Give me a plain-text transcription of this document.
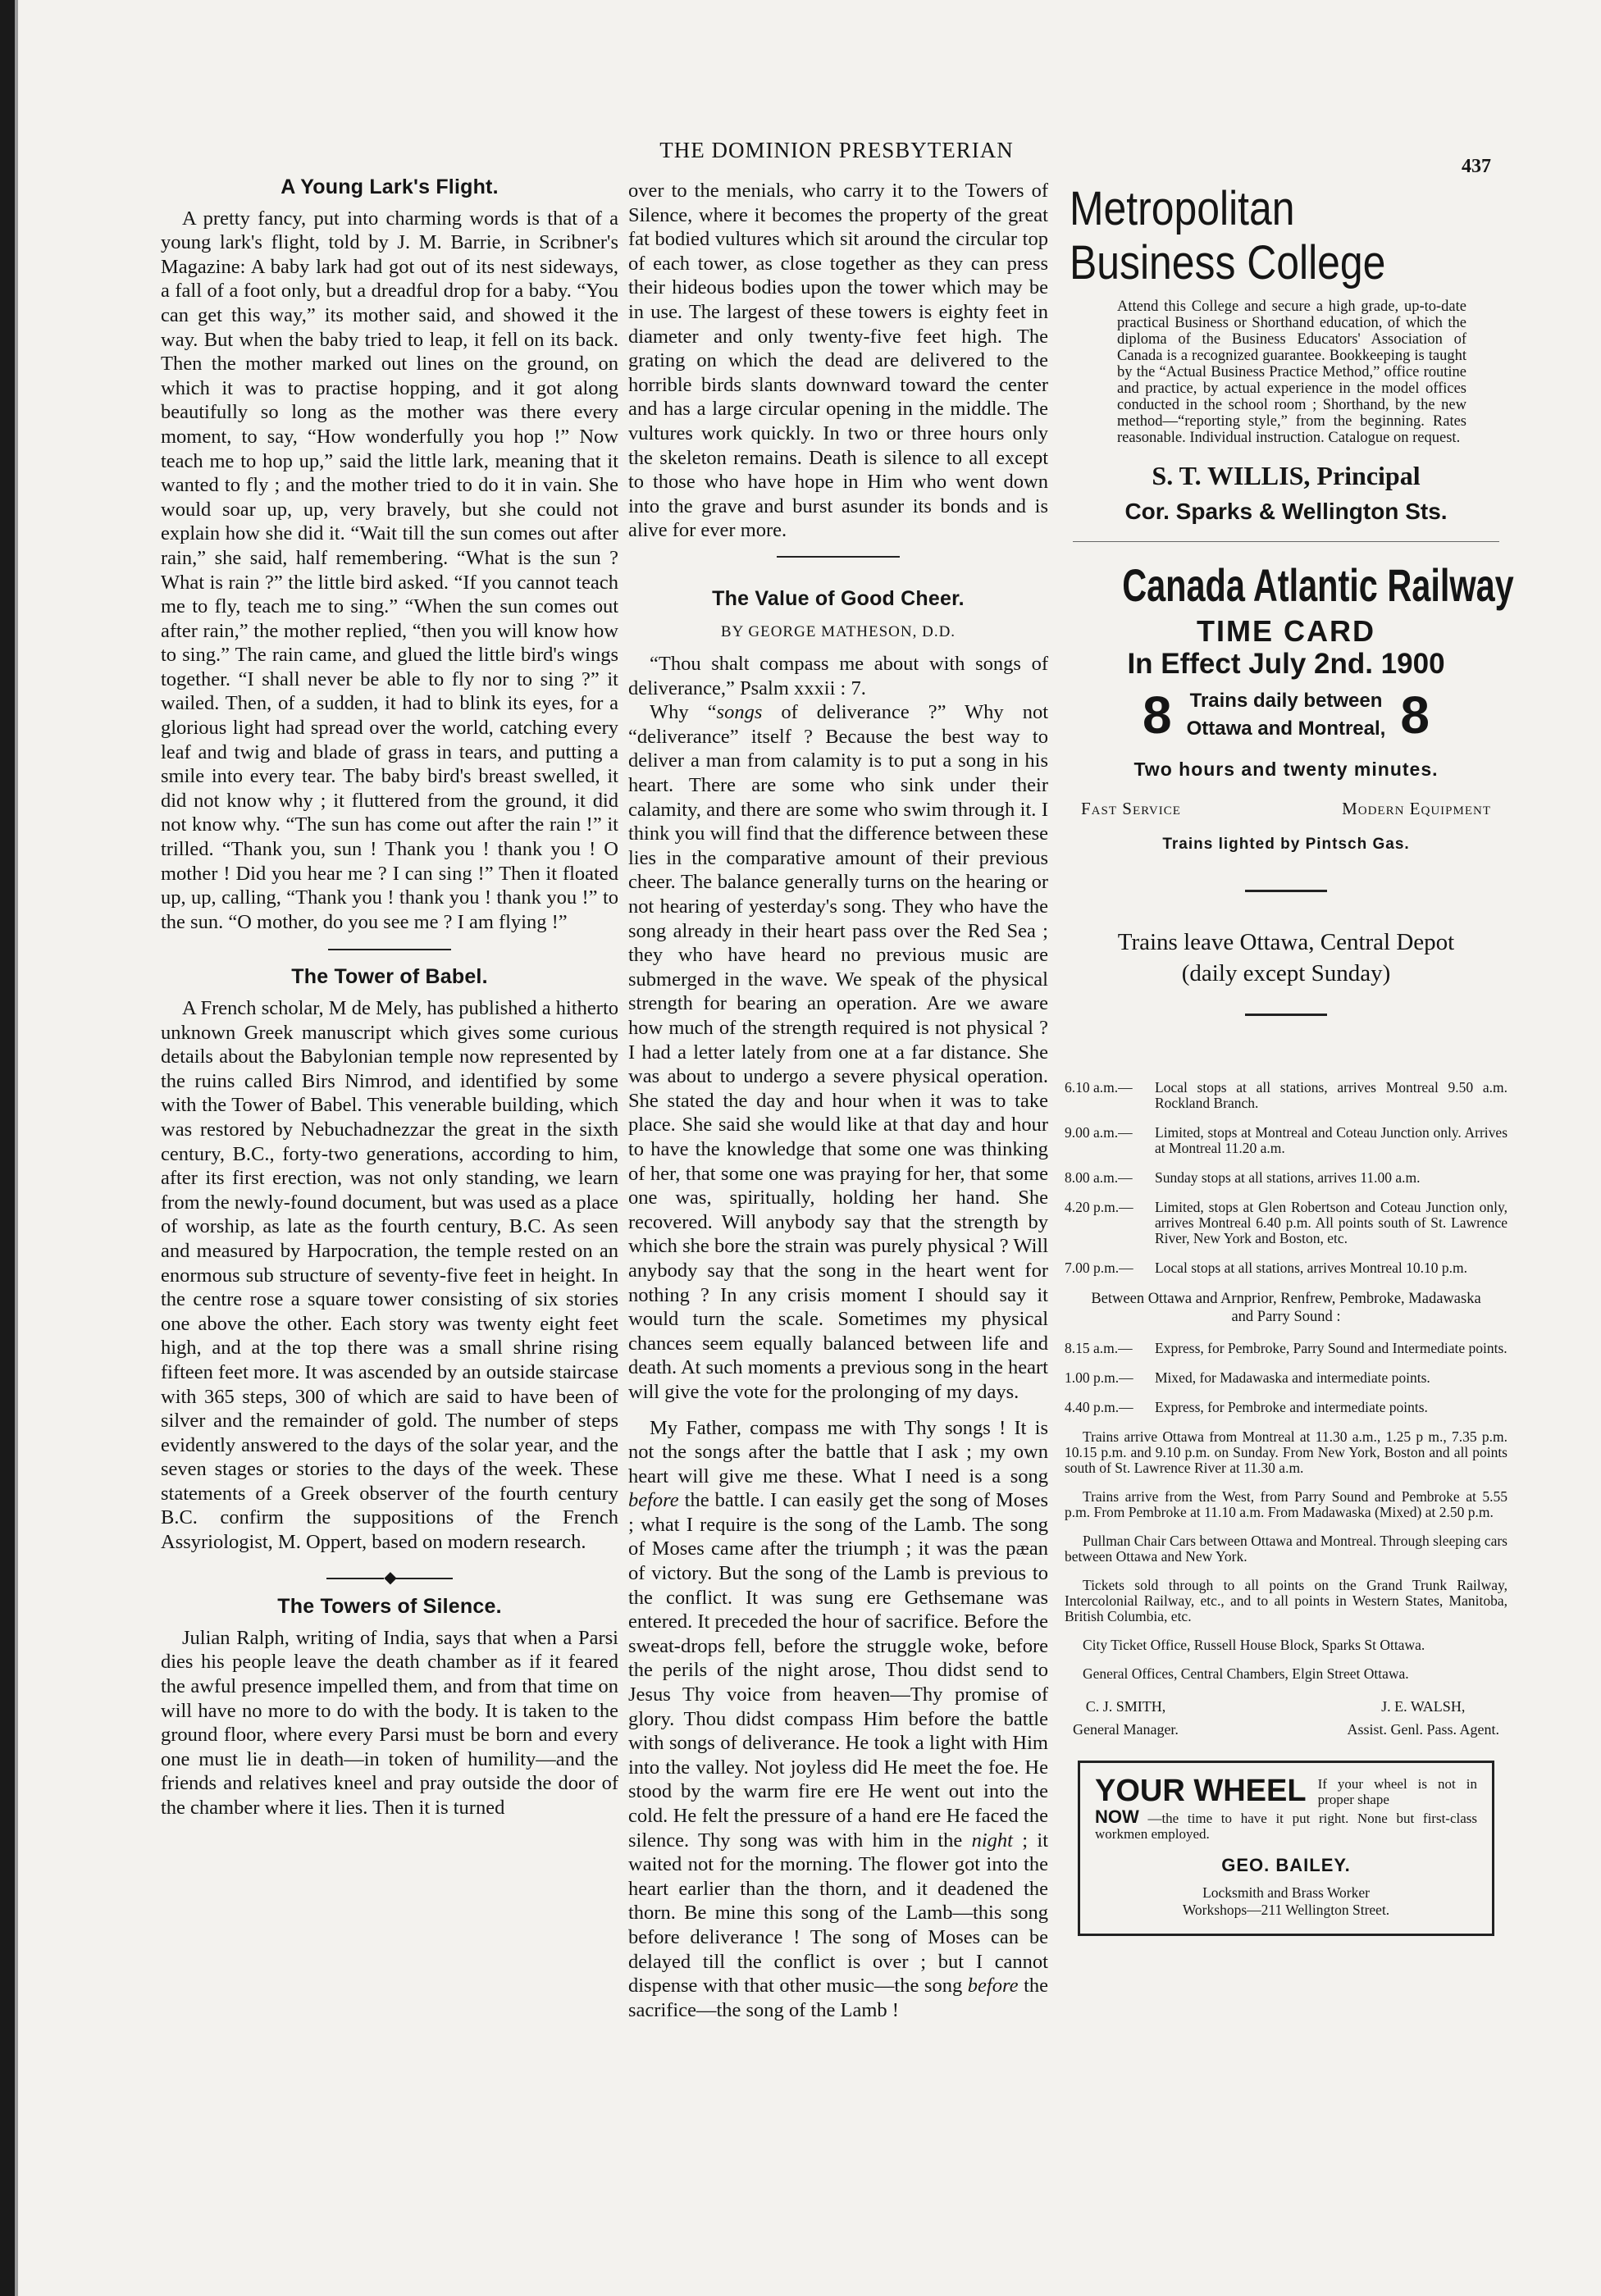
THE DOMINION PRESBYTERIAN
437
A Young Lark's Flight.

A pretty fancy, put into charming words is that of a young lark's flight, told by J. M. Barrie, in Scribner's Magazine: A baby lark had got out of its nest sideways, a fall of a foot only, but a dreadful drop for a baby. “You can get this way,” its mother said, and showed it the way. But when the baby tried to leap, it fell on its back. Then the mother marked out lines on the ground, on which it was to practise hopping, and it got along beautifully so long as the mother was there every moment, to say, “How wonderfully you hop !” Now teach me to hop up,” said the little lark, meaning that it wanted to fly ; and the mother tried to do it in vain. She would soar up, up, very bravely, but she could not explain how she did it. “Wait till the sun comes out after rain,” she said, half remembering. “What is the sun ? What is rain ?” the little bird asked. “If you cannot teach me to fly, teach me to sing.” “When the sun comes out after rain,” the mother replied, “then you will know how to sing.” The rain came, and glued the little bird's wings together. “I shall never be able to fly nor to sing ?” it wailed. Then, of a sudden, it had to blink its eyes, for a glorious light had spread over the world, catching every leaf and twig and blade of grass in tears, and putting a smile into every tear. The baby bird's breast swelled, it did not know why ; it fluttered from the ground, it did not know why. “The sun has come out after the rain !” it trilled. “Thank you, sun ! Thank you ! thank you ! O mother ! Did you hear me ? I can sing !” Then it floated up, up, calling, “Thank you ! thank you ! thank you !” to the sun. “O mother, do you see me ? I am flying !”

The Tower of Babel.

A French scholar, M de Mely, has published a hitherto unknown Greek manuscript which gives some curious details about the Babylonian temple now represented by the ruins called Birs Nimrod, and identified by some with the Tower of Babel. This venerable building, which was restored by Nebuchadnezzar the great in the sixth century, B.C., forty-two generations, according to him, after its first erection, was not only standing, we learn from the newly-found document, but was used as a place of worship, as late as the fourth century, B.C. As seen and measured by Harpocration, the temple rested on an enormous sub structure of seventy-five feet in height. In the centre rose a square tower consisting of six stories one above the other. Each story was twenty eight feet high, and at the top there was a small shrine rising fifteen feet more. It was ascended by an outside staircase with 365 steps, 300 of which are said to have been of silver and the remainder of gold. The number of steps evidently answered to the days of the solar year, and the seven stages or stories to the days of the week. These statements of a Greek observer of the fourth century B.C. confirm the suppositions of the French Assyriologist, M. Oppert, based on modern research.

◆
The Towers of Silence.

Julian Ralph, writing of India, says that when a Parsi dies his people leave the death chamber as if it feared the awful presence impelled them, and from that time on will have no more to do with the body. It is taken to the ground floor, where every Parsi must be born and every one must lie in death—in token of humility—and the friends and relatives kneel and pray outside the door of the chamber where it lies. Then it is turned

over to the menials, who carry it to the Towers of Silence, where it becomes the property of the great fat bodied vultures which sit around the circular top of each tower, as close together as they can press their hideous bodies upon the tower which may be in use. The largest of these towers is eighty feet in diameter and only twenty-five feet high. The grating on which the dead are delivered to the horrible birds slants downward toward the center and has a large circular opening in the middle. The vultures work quickly. In two or three hours only the skeleton remains. Death is silence to all except to those who have hope in Him who went down into the grave and burst asunder its bonds and is alive for ever more.

The Value of Good Cheer.
BY GEORGE MATHESON, D.D.

“Thou shalt compass me about with songs of deliverance,” Psalm xxxii : 7.

Why “songs of deliverance ?” Why not “deliverance” itself ? Because the best way to deliver a man from calamity is to put a song in his heart. There are some who sink under their calamity, and there are some who swim through it. I think you will find that the difference between these lies in the comparative amount of their previous cheer. The balance generally turns on the hearing or not hearing of yesterday's song. They who have the song already in their heart pass over the Red Sea ; they who have heard no previous music are submerged in the wave. We speak of the physical strength for bearing an operation. Are we aware how much of the strength required is not physical ? I had a letter lately from one at a far distance. She was about to undergo a severe physical operation. She stated the day and hour when it was to take place. She said she would like at that day and hour to have the knowledge that some one was thinking of her, that some one was praying for her, that some one was, spiritually, holding her hand. She recovered. Will anybody say that the strength by which she bore the strain was purely physical ? Will anybody say that the song in the heart went for nothing ? In any crisis moment I should say it would turn the scale. Sometimes my physical chances seem equally balanced between life and death. At such moments a previous song in the heart will give the vote for the prolonging of my days.

My Father, compass me with Thy songs ! It is not the songs after the battle that I ask ; my own heart will give me these. What I need is a song before the battle. I can easily get the song of Moses ; what I require is the song of the Lamb. The song of Moses came after the triumph ; it was the pæan of victory. But the song of the Lamb is previous to the conflict. It was sung ere Gethsemane was entered. It preceded the hour of sacrifice. Before the sweat-drops fell, before the struggle woke, before the perils of the night arose, Thou didst send to Jesus Thy voice from heaven—Thy promise of glory. Thou didst compass Him before the battle with songs of deliverance. He took a light with Him into the valley. Not joyless did He meet the foe. He stood by the warm fire ere He went out into the cold. He felt the pressure of a hand ere He faced the silence. Thy song was with him in the night ; it waited not for the morning. The flower got into the heart earlier than the thorn, and it deadened the thorn. Be mine this song of the Lamb—this song before deliverance ! The song of Moses can be delayed till the conflict is over ; but I cannot dispense with that other music—the song before the sacrifice—the song of the Lamb !

Metropolitan
Business College
Attend this College and secure a high grade, up-to-date practical Business or Shorthand education, of which the diploma of the Business Educators' Association of Canada is a recognized guarantee. Bookkeeping is taught by the “Actual Business Practice Method,” office routine and practice, by actual experience in the model offices conducted in the school room ; Shorthand, by the new method—“reporting style,” from the beginning. Rates reasonable. Individual instruction. Catalogue on request.
S. T. WILLIS, Principal
Cor. Sparks & Wellington Sts.
Canada Atlantic Railway
TIME CARD
In Effect July 2nd. 1900
8 Trains daily between
Ottawa and Montreal, 8
Two hours and twenty minutes.
Fast Service	Modern Equipment
Trains lighted by Pintsch Gas.
Trains leave Ottawa, Central Depot
(daily except Sunday)
6.10 a.m.—	Local stops at all stations, arrives Montreal 9.50 a.m. Rockland Branch.
9.00 a.m.—	Limited, stops at Montreal and Coteau Junction only. Arrives at Montreal 11.20 a.m.
8.00 a.m.—	Sunday stops at all stations, arrives 11.00 a.m.
4.20 p.m.—	Limited, stops at Glen Robertson and Coteau Junction only, arrives Montreal 6.40 p.m. All points south of St. Lawrence River, New York and Boston, etc.
7.00 p.m.—	Local stops at all stations, arrives Montreal 10.10 p.m.
Between Ottawa and Arnprior, Renfrew, Pembroke, Madawaska and Parry Sound :
8.15 a.m.—	Express, for Pembroke, Parry Sound and Intermediate points.
1.00 p.m.—	Mixed, for Madawaska and intermediate points.
4.40 p.m.—	Express, for Pembroke and intermediate points.
Trains arrive Ottawa from Montreal at 11.30 a.m., 1.25 p m., 7.35 p.m. 10.15 p.m. and 9.10 p.m. on Sunday. From New York, Boston and all points south of St. Lawrence River at 11.30 a.m.
Trains arrive from the West, from Parry Sound and Pembroke at 5.55 p.m. From Pembroke at 11.10 a.m. From Madawaska (Mixed) at 2.50 p.m.
Pullman Chair Cars between Ottawa and Montreal. Through sleeping cars between Ottawa and New York.
Tickets sold through to all points on the Grand Trunk Railway, Intercolonial Railway, etc., and to all points in Western States, Manitoba, British Columbia, etc.
City Ticket Office, Russell House Block, Sparks St Ottawa.
General Offices, Central Chambers, Elgin Street Ottawa.
C. J. SMITH,
General Manager.
J. E. WALSH,
Assist. Genl. Pass. Agent.
YOUR WHEEL If your wheel is not in proper shape
NOW —the time to have it put right. None but first-class workmen employed.
GEO. BAILEY.
Locksmith and Brass Worker
Workshops—211 Wellington Street.
